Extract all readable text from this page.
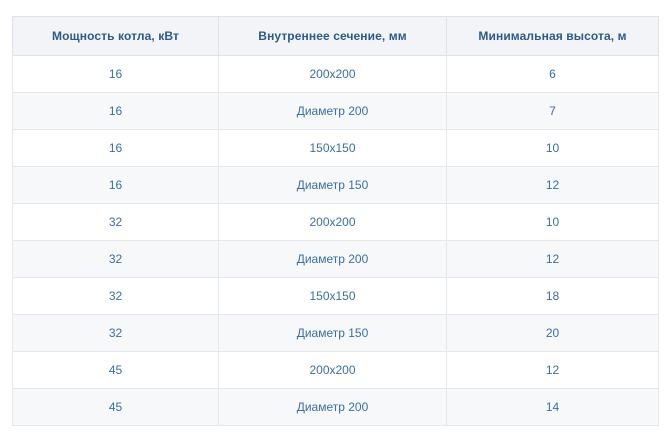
Мощность котла, кВт	Внутреннее сечение, мм	Минимальная высота, м
16	200х200	6
16	Диаметр 200	7
16	150х150	10
16	Диаметр 150	12
32	200х200	10
32	Диаметр 200	12
32	150х150	18
32	Диаметр 150	20
45	200х200	12
45	Диаметр 200	14
